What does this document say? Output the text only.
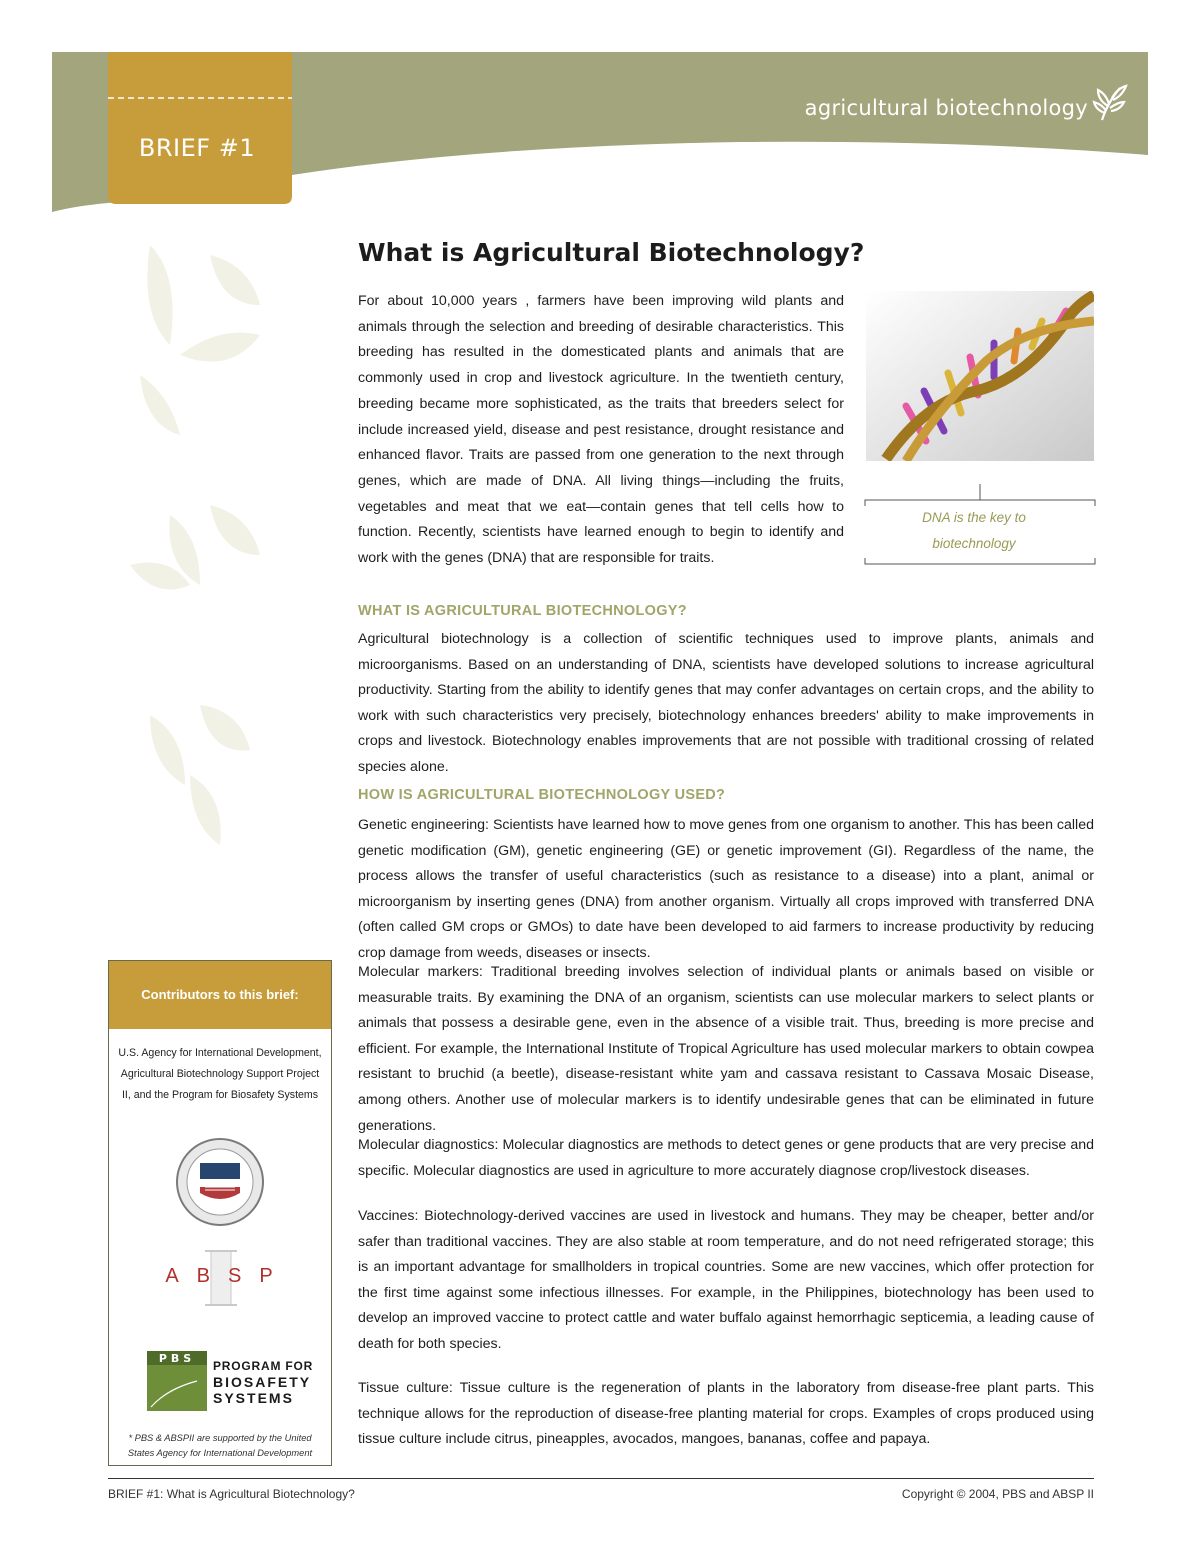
agricultural biotechnology
BRIEF #1
What is Agricultural Biotechnology?

For about 10,000 years , farmers have been improving wild plants and animals through the selection and breeding of desirable characteristics. This breeding has resulted in the domesticated plants and animals that are commonly used in crop and livestock agriculture. In the twentieth century, breeding became more sophisticated, as the traits that breeders select for include increased yield, disease and pest resistance, drought resistance and enhanced flavor. Traits are passed from one generation to the next through genes, which are made of DNA. All living things—including the fruits, vegetables and meat that we eat—contain genes that tell cells how to function. Recently, scientists have learned enough to begin to identify and work with the genes (DNA) that are responsible for traits.

DNA is the key to biotechnology
WHAT IS AGRICULTURAL BIOTECHNOLOGY?

Agricultural biotechnology is a collection of scientific techniques used to improve plants, animals and microorganisms. Based on an understanding of DNA, scientists have developed solutions to increase agricultural productivity. Starting from the ability to identify genes that may confer advantages on certain crops, and the ability to work with such characteristics very precisely, biotechnology enhances breeders' ability to make improvements in crops and livestock. Biotechnology enables improvements that are not possible with traditional crossing of related species alone.

HOW IS AGRICULTURAL BIOTECHNOLOGY USED?

Genetic engineering: Scientists have learned how to move genes from one organism to another. This has been called genetic modification (GM), genetic engineering (GE) or genetic improvement (GI). Regardless of the name, the process allows the transfer of useful characteristics (such as resistance to a disease) into a plant, animal or microorganism by inserting genes (DNA) from another organism. Virtually all crops improved with transferred DNA (often called GM crops or GMOs) to date have been developed to aid farmers to increase productivity by reducing crop damage from weeds, diseases or insects.

Molecular markers: Traditional breeding involves selection of individual plants or animals based on visible or measurable traits. By examining the DNA of an organism, scientists can use molecular markers to select plants or animals that possess a desirable gene, even in the absence of a visible trait. Thus, breeding is more precise and efficient. For example, the International Institute of Tropical Agriculture has used molecular markers to obtain cowpea resistant to bruchid (a beetle), disease-resistant white yam and cassava resistant to Cassava Mosaic Disease, among others. Another use of molecular markers is to identify undesirable genes that can be eliminated in future generations.

Molecular diagnostics: Molecular diagnostics are methods to detect genes or gene products that are very precise and specific. Molecular diagnostics are used in agriculture to more accurately diagnose crop/livestock diseases.

Vaccines: Biotechnology-derived vaccines are used in livestock and humans. They may be cheaper, better and/or safer than traditional vaccines. They are also stable at room temperature, and do not need refrigerated storage; this is an important advantage for smallholders in tropical countries. Some are new vaccines, which offer protection for the first time against some infectious illnesses. For example, in the Philippines, biotechnology has been used to develop an improved vaccine to protect cattle and water buffalo against hemorrhagic septicemia, a leading cause of death for both species.

Tissue culture: Tissue culture is the regeneration of plants in the laboratory from disease-free plant parts. This technique allows for the reproduction of disease-free planting material for crops. Examples of crops produced using tissue culture include citrus, pineapples, avocados, mangoes, bananas, coffee and papaya.

Contributors to this brief:
U.S. Agency for International Development, Agricultural Biotechnology Support Project II, and the Program for Biosafety Systems
ABSP
PBS
PROGRAM FOR
BIOSAFETY
SYSTEMS
* PBS & ABSPII are supported by the United States Agency for International Development
BRIEF #1: What is Agricultural Biotechnology?	Copyright © 2004, PBS and ABSP II
